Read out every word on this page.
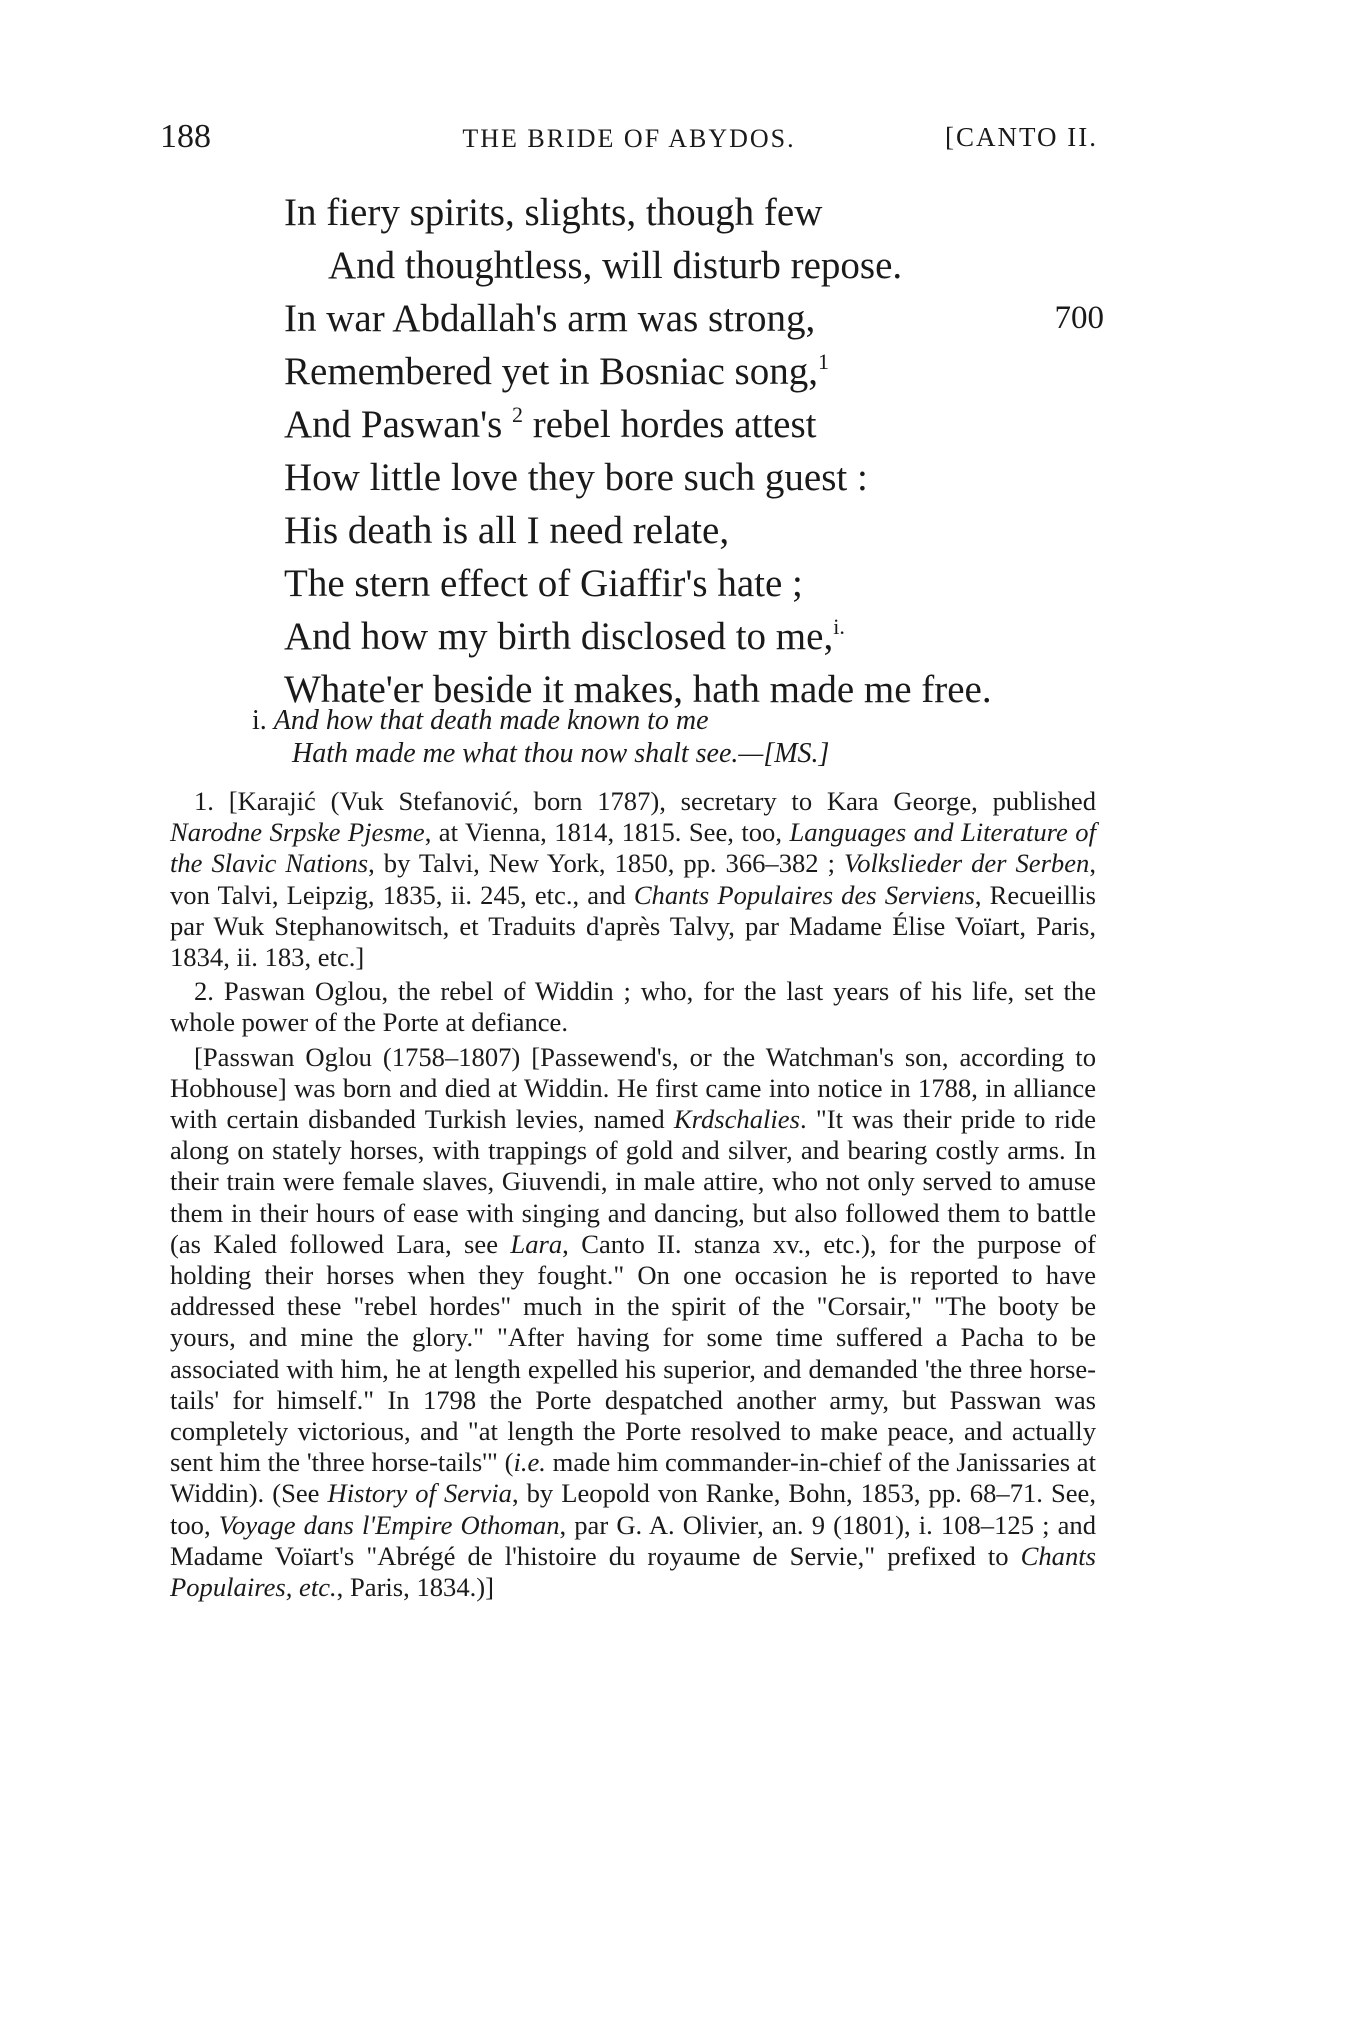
188	THE BRIDE OF ABYDOS.	[CANTO II.
In fiery spirits, slights, though few
And thoughtless, will disturb repose.
In war Abdallah's arm was strong,	700
Remembered yet in Bosniac song,$^1$
And Paswan's $^2$ rebel hordes attest
How little love they bore such guest :
His death is all I need relate,
The stern effect of Giaffir's hate ;
And how my birth disclosed to me,$^{i.}$
Whate'er beside it makes, hath made me free.
i. And how that death made known to me
Hath made me what thou now shalt see.—[MS.]

1. [Karajić (Vuk Stefanović, born 1787), secretary to Kara George, published Narodne Srpske Pjesme, at Vienna, 1814, 1815. See, too, Languages and Literature of the Slavic Nations, by Talvi, New York, 1850, pp. 366–382 ; Volkslieder der Serben, von Talvi, Leipzig, 1835, ii. 245, etc., and Chants Populaires des Serviens, Recueillis par Wuk Stephanowitsch, et Traduits d'après Talvy, par Madame Élise Voïart, Paris, 1834, ii. 183, etc.]

2. Paswan Oglou, the rebel of Widdin ; who, for the last years of his life, set the whole power of the Porte at defiance.

[Passwan Oglou (1758–1807) [Passewend's, or the Watchman's son, according to Hobhouse] was born and died at Widdin. He first came into notice in 1788, in alliance with certain disbanded Turkish levies, named Krdschalies. "It was their pride to ride along on stately horses, with trappings of gold and silver, and bearing costly arms. In their train were female slaves, Giuvendi, in male attire, who not only served to amuse them in their hours of ease with singing and dancing, but also followed them to battle (as Kaled followed Lara, see Lara, Canto II. stanza xv., etc.), for the purpose of holding their horses when they fought." On one occasion he is reported to have addressed these "rebel hordes" much in the spirit of the "Corsair," "The booty be yours, and mine the glory." "After having for some time suffered a Pacha to be associated with him, he at length expelled his superior, and demanded 'the three horse-tails' for himself." In 1798 the Porte despatched another army, but Passwan was completely victorious, and "at length the Porte resolved to make peace, and actually sent him the 'three horse-tails'" (i.e. made him commander-in-chief of the Janissaries at Widdin). (See History of Servia, by Leopold von Ranke, Bohn, 1853, pp. 68–71. See, too, Voyage dans l'Empire Othoman, par G. A. Olivier, an. 9 (1801), i. 108–125 ; and Madame Voïart's "Abrégé de l'histoire du royaume de Servie," prefixed to Chants Populaires, etc., Paris, 1834.)]
